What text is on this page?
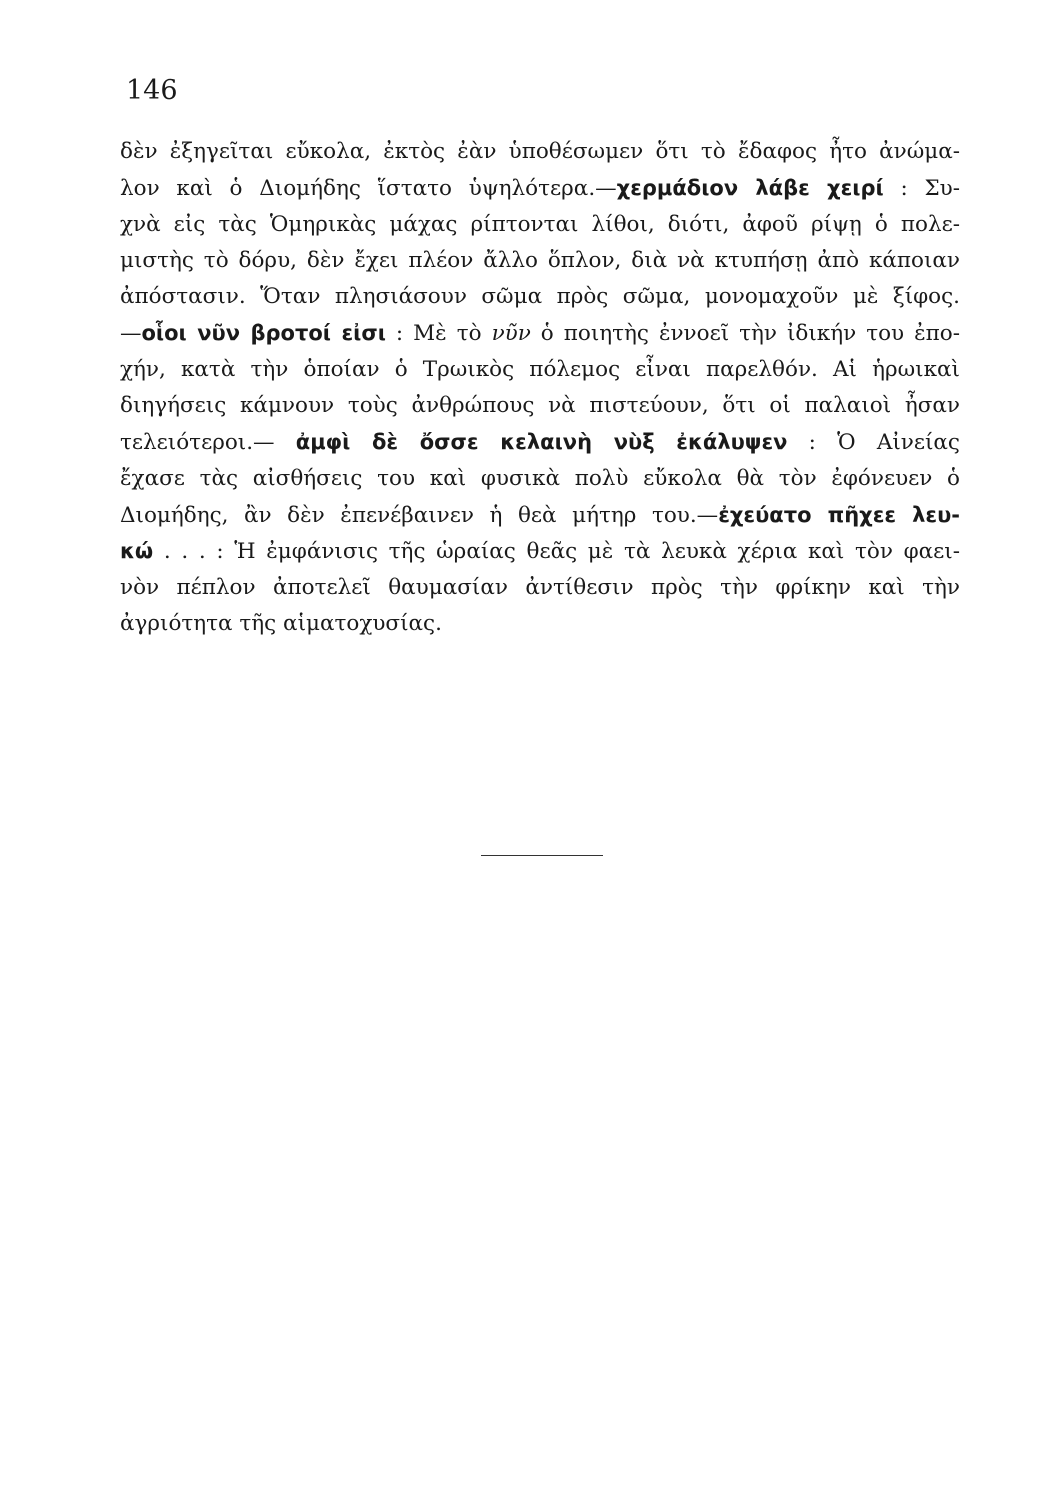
146
δὲν ἐξηγεῖται εὔκολα, ἐκτὸς ἐὰν ὑποθέσωμεν ὅτι τὸ ἔδαφος ἦτο ἀνώμα-
λον καὶ ὁ Διομήδης ἵστατο ὑψηλότερα.—χερμάδιον λάβε χειρί : Συ-
χνὰ εἰς τὰς Ὁμηρικὰς μάχας ρίπτονται λίθοι, διότι, ἀφοῦ ρίψῃ ὁ πολε-
μιστὴς τὸ δόρυ, δὲν ἔχει πλέον ἄλλο ὅπλον, διὰ νὰ κτυπήσῃ ἀπὸ κάποιαν
ἀπόστασιν. Ὅταν πλησιάσουν σῶμα πρὸς σῶμα, μονομαχοῦν μὲ ξίφος.
—οἷοι νῦν βροτοί εἰσι : Μὲ τὸ νῦν ὁ ποιητὴς ἐννοεῖ τὴν ἰδικήν του ἐπο-
χήν, κατὰ τὴν ὁποίαν ὁ Τρωικὸς πόλεμος εἶναι παρελθόν. Αἱ ἡρωικαὶ
διηγήσεις κάμνουν τοὺς ἀνθρώπους νὰ πιστεύουν, ὅτι οἱ παλαιοὶ ἦσαν
τελειότεροι.— ἀμφὶ δὲ ὄσσε κελαινὴ νὺξ ἐκάλυψεν : Ὁ Αἰνείας
ἔχασε τὰς αἰσθήσεις του καὶ φυσικὰ πολὺ εὔκολα θὰ τὸν ἐφόνευεν ὁ
Διομήδης, ἂν δὲν ἐπενέβαινεν ἡ θεὰ μήτηρ του.—ἐχεύατο πῆχεε λευ-
κώ . . . : Ἡ ἐμφάνισις τῆς ὡραίας θεᾶς μὲ τὰ λευκὰ χέρια καὶ τὸν φαει-
νὸν πέπλον ἀποτελεῖ θαυμασίαν ἀντίθεσιν πρὸς τὴν φρίκην καὶ τὴν
ἀγριότητα τῆς αἱματοχυσίας.
